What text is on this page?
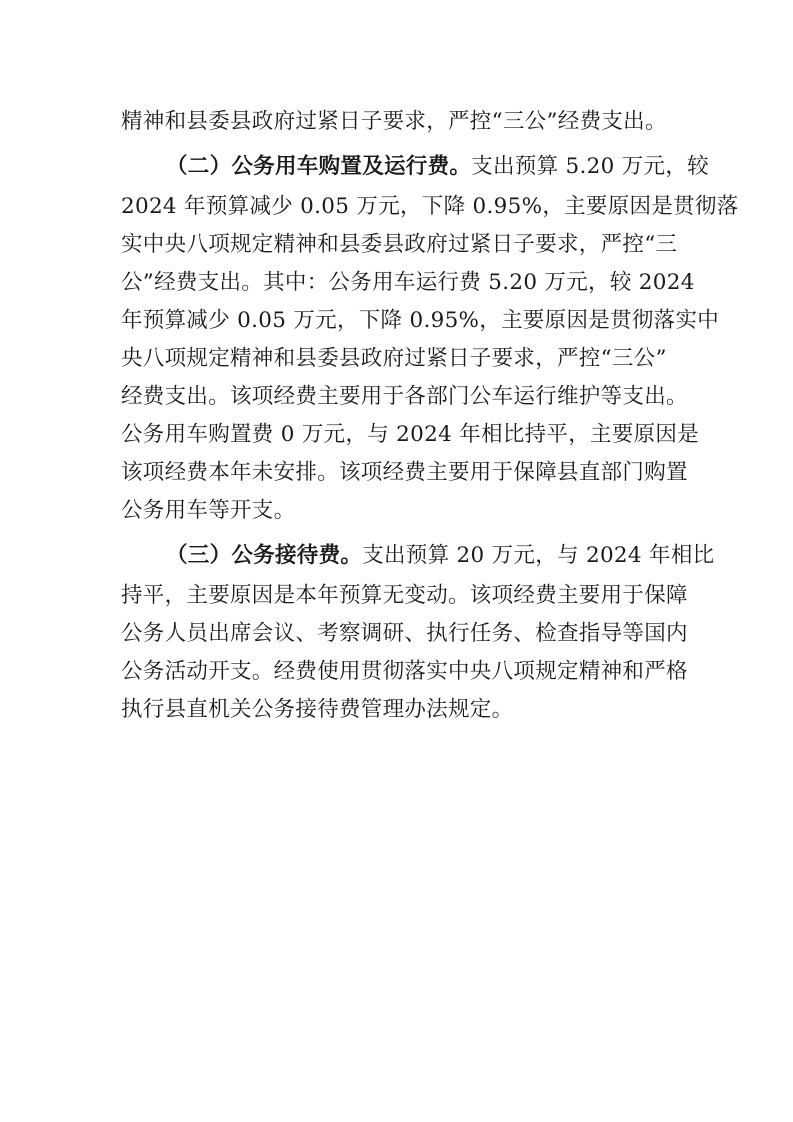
精神和县委县政府过紧日子要求，严控“三公”经费支出。
（二）公务用车购置及运行费。支出预算 5.20 万元，较
2024 年预算减少 0.05 万元，下降 0.95%，主要原因是贯彻落
实中央八项规定精神和县委县政府过紧日子要求，严控“三
公”经费支出。其中：公务用车运行费 5.20 万元，较 2024
年预算减少 0.05 万元，下降 0.95%，主要原因是贯彻落实中
央八项规定精神和县委县政府过紧日子要求，严控“三公”
经费支出。该项经费主要用于各部门公车运行维护等支出。
公务用车购置费 0 万元，与 2024 年相比持平，主要原因是
该项经费本年未安排。该项经费主要用于保障县直部门购置
公务用车等开支。
（三）公务接待费。支出预算 20 万元，与 2024 年相比
持平，主要原因是本年预算无变动。该项经费主要用于保障
公务人员出席会议、考察调研、执行任务、检查指导等国内
公务活动开支。经费使用贯彻落实中央八项规定精神和严格
执行县直机关公务接待费管理办法规定。
